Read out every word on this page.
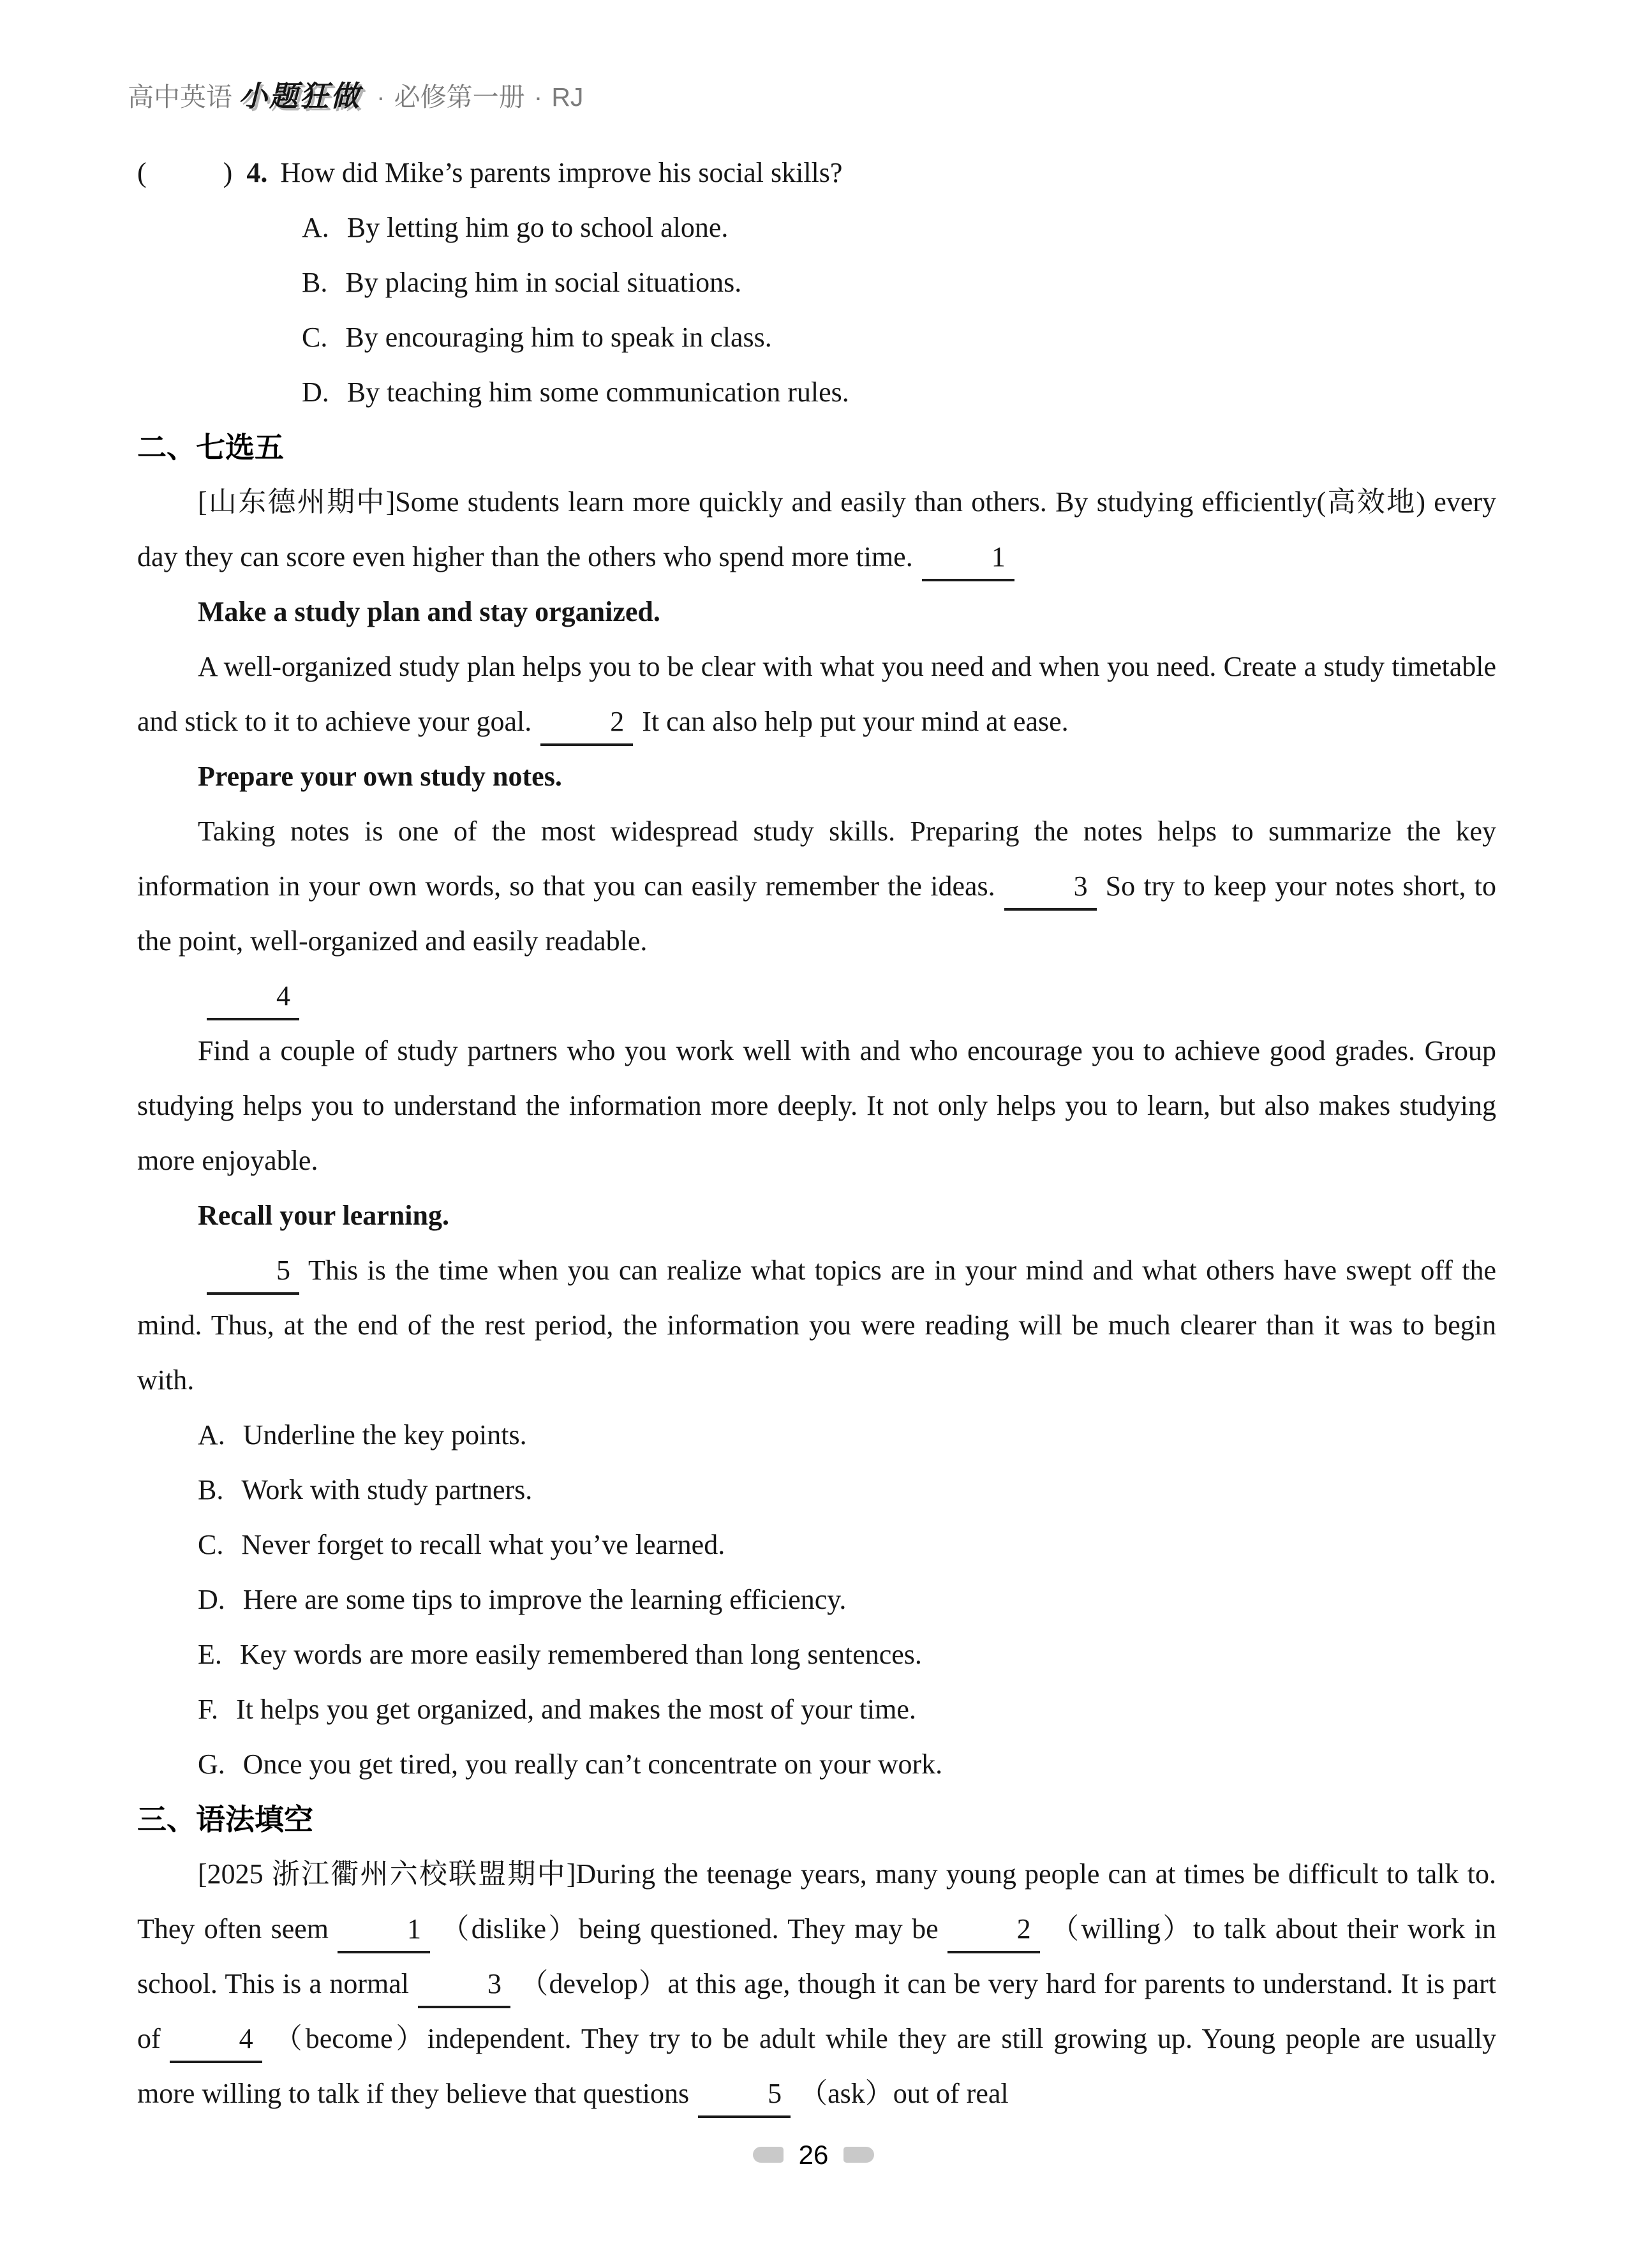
高中英语 小题狂做 · 必修第一册 · RJ
(	) 4. How did Mike’s parents improve his social skills?
A. By letting him go to school alone.
B. By placing him in social situations.
C. By encouraging him to speak in class.
D. By teaching him some communication rules.
二、七选五

[山东德州期中]Some students learn more quickly and easily than others. By studying efficiently(高效地) every day they can score even higher than the others who spend more time.	1

Make a study plan and stay organized.

A well-organized study plan helps you to be clear with what you need and when you need. Create a study timetable and stick to it to achieve your goal.	2 It can also help put your mind at ease.

Prepare your own study notes.

Taking notes is one of the most widespread study skills. Preparing the notes helps to summarize the key information in your own words, so that you can easily remember the ideas.	3 So try to keep your notes short, to the point, well-organized and easily readable.

4

Find a couple of study partners who you work well with and who encourage you to achieve good grades. Group studying helps you to understand the information more deeply. It not only helps you to learn, but also makes studying more enjoyable.

Recall your learning.

5 This is the time when you can realize what topics are in your mind and what others have swept off the mind. Thus, at the end of the rest period, the information you were reading will be much clearer than it was to begin with.

A. Underline the key points.
B. Work with study partners.
C. Never forget to recall what you’ve learned.
D. Here are some tips to improve the learning efficiency.
E. Key words are more easily remembered than long sentences.
F. It helps you get organized, and makes the most of your time.
G. Once you get tired, you really can’t concentrate on your work.
三、语法填空

[2025 浙江衢州六校联盟期中]During the teenage years, many young people can at times be difficult to talk to. They often seem	1 （dislike）being questioned. They may be	2 （willing）to talk about their work in school. This is a normal	3 （develop）at this age, though it can be very hard for parents to understand. It is part of	4 （become）independent. They try to be adult while they are still growing up. Young people are usually more willing to talk if they believe that questions	5 （ask）out of real

26
